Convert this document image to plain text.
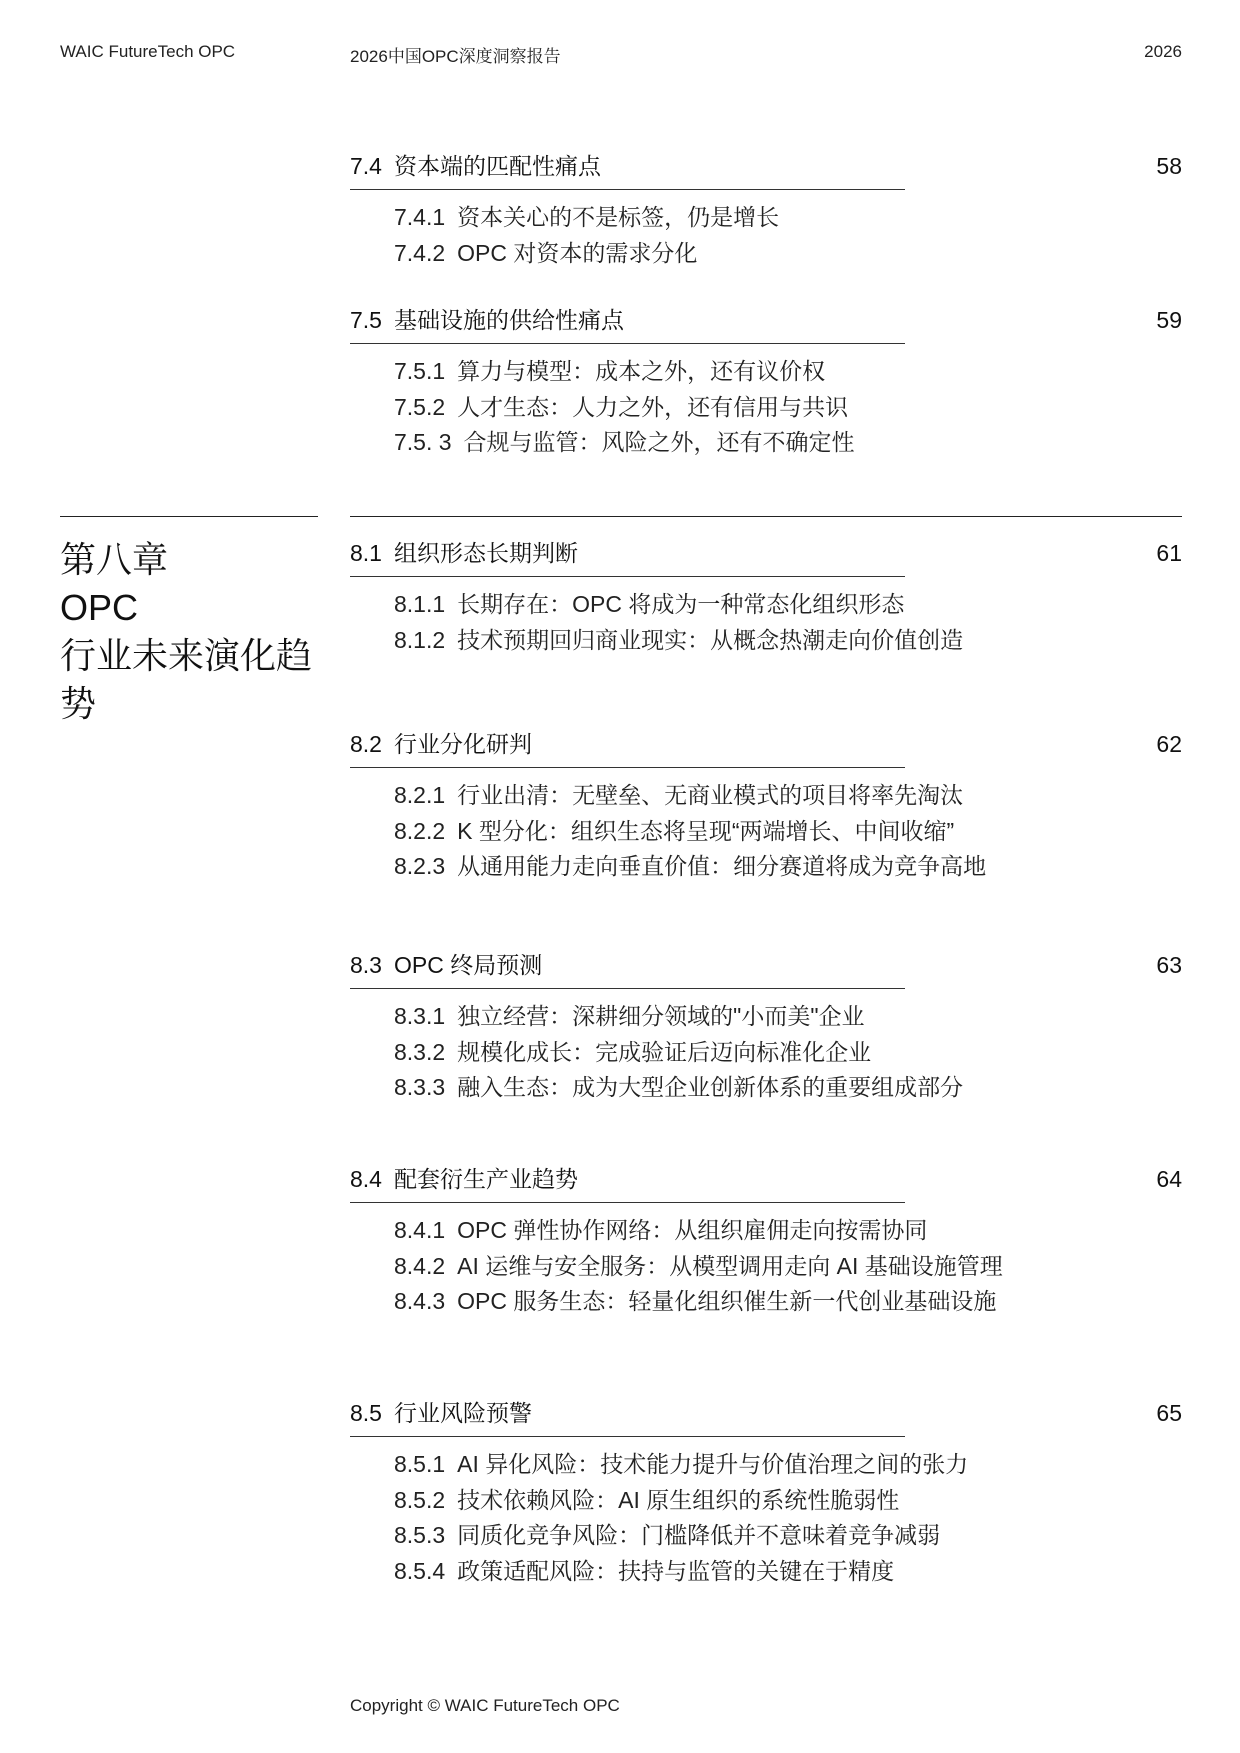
WAIC FutureTech OPC	2026中国OPC深度洞察报告	2026
7.4 资本端的匹配性痛点	58
7.4.1 资本关心的不是标签，仍是增长
7.4.2 OPC 对资本的需求分化
7.5 基础设施的供给性痛点	59
7.5.1 算力与模型：成本之外，还有议价权
7.5.2 人才生态：人力之外，还有信用与共识
7.5. 3 合规与监管：风险之外，还有不确定性
第八章
OPC
行业未来演化趋势
8.1 组织形态长期判断	61
8.1.1 长期存在：OPC 将成为一种常态化组织形态
8.1.2 技术预期回归商业现实：从概念热潮走向价值创造
8.2 行业分化研判	62
8.2.1 行业出清：无壁垒、无商业模式的项目将率先淘汰
8.2.2 K 型分化：组织生态将呈现“两端增长、中间收缩”
8.2.3 从通用能力走向垂直价值：细分赛道将成为竞争高地
8.3 OPC 终局预测	63
8.3.1 独立经营：深耕细分领域的"小而美"企业
8.3.2 规模化成长：完成验证后迈向标准化企业
8.3.3 融入生态：成为大型企业创新体系的重要组成部分
8.4 配套衍生产业趋势	64
8.4.1 OPC 弹性协作网络：从组织雇佣走向按需协同
8.4.2 AI 运维与安全服务：从模型调用走向 AI 基础设施管理
8.4.3 OPC 服务生态：轻量化组织催生新一代创业基础设施
8.5 行业风险预警	65
8.5.1 AI 异化风险：技术能力提升与价值治理之间的张力
8.5.2 技术依赖风险：AI 原生组织的系统性脆弱性
8.5.3 同质化竞争风险：门槛降低并不意味着竞争减弱
8.5.4 政策适配风险：扶持与监管的关键在于精度
Copyright © WAIC FutureTech OPC
